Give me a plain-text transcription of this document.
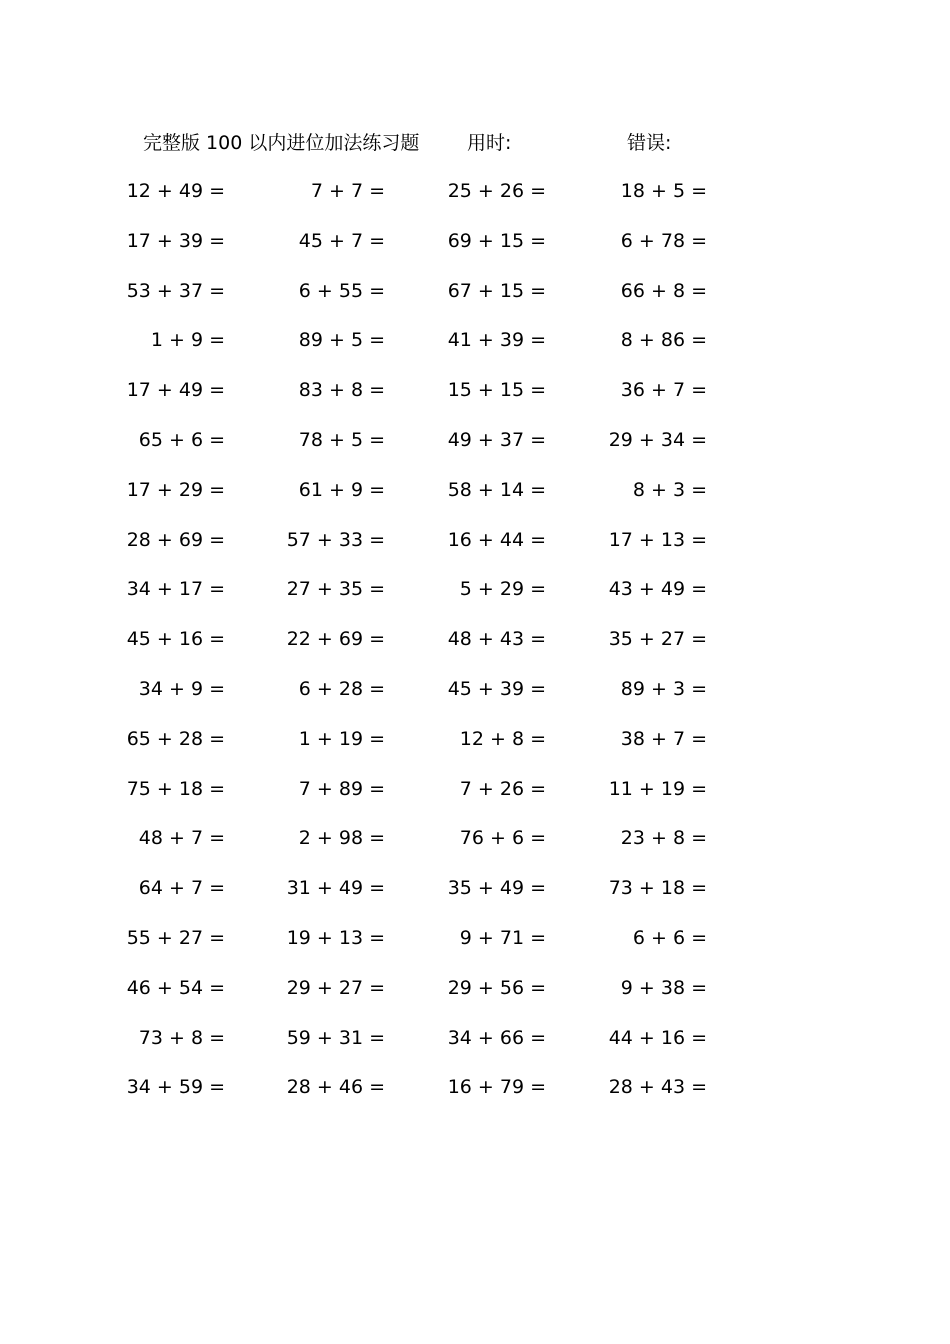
完整版 100 以内进位加法练习题	用时:	错误:
12 + 49 =	7 + 7 =	25 + 26 =	18 + 5 =
17 + 39 =	45 + 7 =	69 + 15 =	6 + 78 =
53 + 37 =	6 + 55 =	67 + 15 =	66 + 8 =
1 + 9 =	89 + 5 =	41 + 39 =	8 + 86 =
17 + 49 =	83 + 8 =	15 + 15 =	36 + 7 =
65 + 6 =	78 + 5 =	49 + 37 =	29 + 34 =
17 + 29 =	61 + 9 =	58 + 14 =	8 + 3 =
28 + 69 =	57 + 33 =	16 + 44 =	17 + 13 =
34 + 17 =	27 + 35 =	5 + 29 =	43 + 49 =
45 + 16 =	22 + 69 =	48 + 43 =	35 + 27 =
34 + 9 =	6 + 28 =	45 + 39 =	89 + 3 =
65 + 28 =	1 + 19 =	12 + 8 =	38 + 7 =
75 + 18 =	7 + 89 =	7 + 26 =	11 + 19 =
48 + 7 =	2 + 98 =	76 + 6 =	23 + 8 =
64 + 7 =	31 + 49 =	35 + 49 =	73 + 18 =
55 + 27 =	19 + 13 =	9 + 71 =	6 + 6 =
46 + 54 =	29 + 27 =	29 + 56 =	9 + 38 =
73 + 8 =	59 + 31 =	34 + 66 =	44 + 16 =
34 + 59 =	28 + 46 =	16 + 79 =	28 + 43 =
